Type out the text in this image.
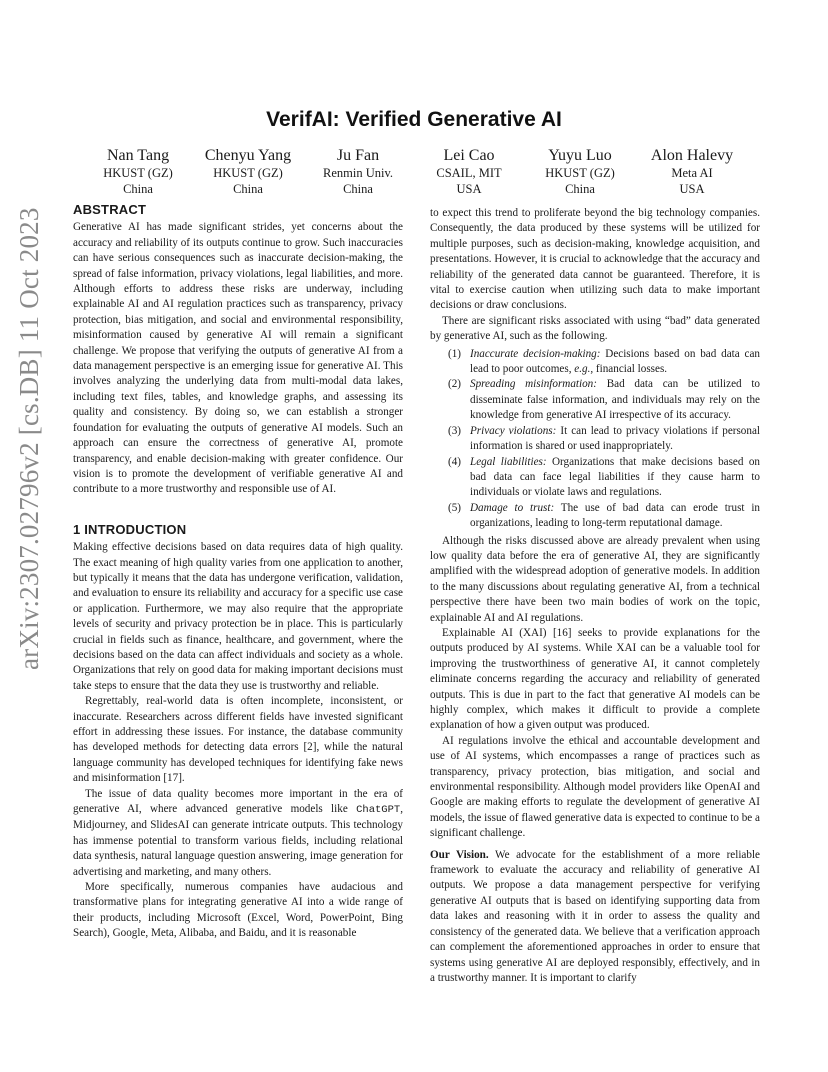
arXiv:2307.02796v2 [cs.DB] 11 Oct 2023
VerifAI: Verified Generative AI
Nan Tang
HKUST (GZ)
China
Chenyu Yang
HKUST (GZ)
China
Ju Fan
Renmin Univ.
China
Lei Cao
CSAIL, MIT
USA
Yuyu Luo
HKUST (GZ)
China
Alon Halevy
Meta AI
USA
ABSTRACT

Generative AI has made significant strides, yet concerns about the accuracy and reliability of its outputs continue to grow. Such inaccuracies can have serious consequences such as inaccurate decision-making, the spread of false information, privacy violations, legal liabilities, and more. Although efforts to address these risks are underway, including explainable AI and AI regulation practices such as transparency, privacy protection, bias mitigation, and social and environmental responsibility, misinformation caused by generative AI will remain a significant challenge. We propose that verifying the outputs of generative AI from a data management perspective is an emerging issue for generative AI. This involves analyzing the underlying data from multi-modal data lakes, including text files, tables, and knowledge graphs, and assessing its quality and consistency. By doing so, we can establish a stronger foundation for evaluating the outputs of generative AI models. Such an approach can ensure the correctness of generative AI, promote transparency, and enable decision-making with greater confidence. Our vision is to promote the development of verifiable generative AI and contribute to a more trustworthy and responsible use of AI.

1 INTRODUCTION

Making effective decisions based on data requires data of high quality. The exact meaning of high quality varies from one application to another, but typically it means that the data has undergone verification, validation, and evaluation to ensure its reliability and accuracy for a specific use case or application. Furthermore, we may also require that the appropriate levels of security and privacy protection be in place. This is particularly crucial in fields such as finance, healthcare, and government, where the decisions based on the data can affect individuals and society as a whole. Organizations that rely on good data for making important decisions must take steps to ensure that the data they use is trustworthy and reliable.

Regrettably, real-world data is often incomplete, inconsistent, or inaccurate. Researchers across different fields have invested significant effort in addressing these issues. For instance, the database community has developed methods for detecting data errors [2], while the natural language community has developed techniques for identifying fake news and misinformation [17].

The issue of data quality becomes more important in the era of generative AI, where advanced generative models like ChatGPT, Midjourney, and SlidesAI can generate intricate outputs. This technology has immense potential to transform various fields, including relational data synthesis, natural language question answering, image generation for advertising and marketing, and many others.

More specifically, numerous companies have audacious and transformative plans for integrating generative AI into a wide range of their products, including Microsoft (Excel, Word, PowerPoint, Bing Search), Google, Meta, Alibaba, and Baidu, and it is reasonable

to expect this trend to proliferate beyond the big technology companies. Consequently, the data produced by these systems will be utilized for multiple purposes, such as decision-making, knowledge acquisition, and presentations. However, it is crucial to acknowledge that the accuracy and reliability of the generated data cannot be guaranteed. Therefore, it is vital to exercise caution when utilizing such data to make important decisions or draw conclusions.

There are significant risks associated with using “bad” data generated by generative AI, such as the following.

(1) Inaccurate decision-making: Decisions based on bad data can lead to poor outcomes, e.g., financial losses.
(2) Spreading misinformation: Bad data can be utilized to disseminate false information, and individuals may rely on the knowledge from generative AI irrespective of its accuracy.
(3) Privacy violations: It can lead to privacy violations if personal information is shared or used inappropriately.
(4) Legal liabilities: Organizations that make decisions based on bad data can face legal liabilities if they cause harm to individuals or violate laws and regulations.
(5) Damage to trust: The use of bad data can erode trust in organizations, leading to long-term reputational damage.

Although the risks discussed above are already prevalent when using low quality data before the era of generative AI, they are significantly amplified with the widespread adoption of generative models. In addition to the many discussions about regulating generative AI, from a technical perspective there have been two main bodies of work on the topic, explainable AI and AI regulations.

Explainable AI (XAI) [16] seeks to provide explanations for the outputs produced by AI systems. While XAI can be a valuable tool for improving the trustworthiness of generative AI, it cannot completely eliminate concerns regarding the accuracy and reliability of generated outputs. This is due in part to the fact that generative AI models can be highly complex, which makes it difficult to provide a complete explanation of how a given output was produced.

AI regulations involve the ethical and accountable development and use of AI systems, which encompasses a range of practices such as transparency, privacy protection, bias mitigation, and social and environmental responsibility. Although model providers like OpenAI and Google are making efforts to regulate the development of generative AI models, the issue of flawed generative data is expected to continue to be a significant challenge.

Our Vision. We advocate for the establishment of a more reliable framework to evaluate the accuracy and reliability of generative AI outputs. We propose a data management perspective for verifying generative AI outputs that is based on identifying supporting data from data lakes and reasoning with it in order to assess the quality and consistency of the generated data. We believe that a verification approach can complement the aforementioned approaches in order to ensure that systems using generative AI are deployed responsibly, effectively, and in a trustworthy manner. It is important to clarify
